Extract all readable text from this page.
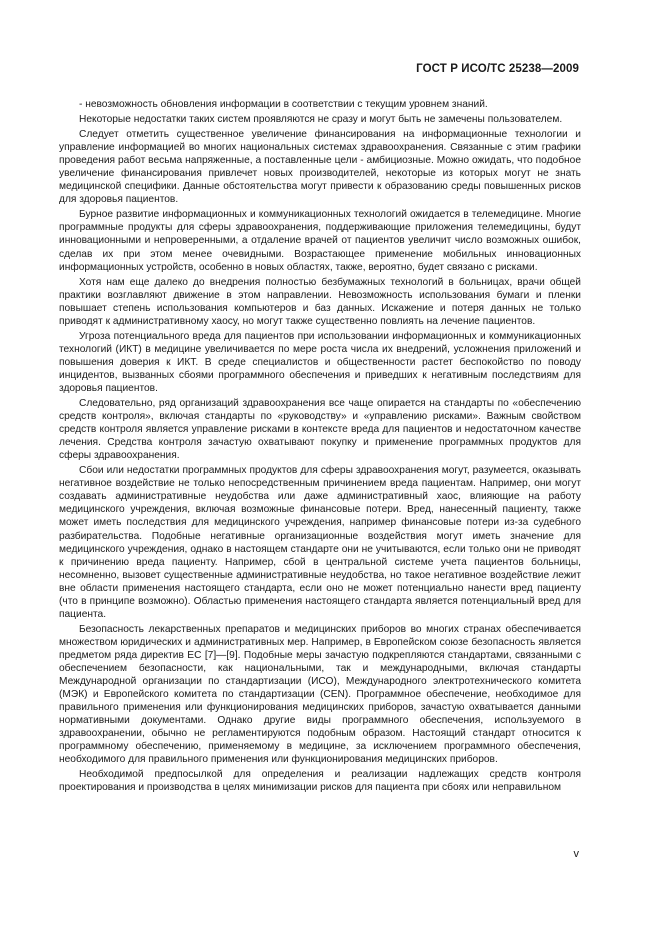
ГОСТ Р ИСО/ТС 25238—2009

- невозможность обновления информации в соответствии с текущим уровнем знаний.

Некоторые недостатки таких систем проявляются не сразу и могут быть не замечены пользователем.

Следует отметить существенное увеличение финансирования на информационные технологии и управление информацией во многих национальных системах здравоохранения. Связанные с этим графики проведения работ весьма напряженные, а поставленные цели - амбициозные. Можно ожидать, что подобное увеличение финансирования привлечет новых производителей, некоторые из которых могут не знать медицинской специфики. Данные обстоятельства могут привести к образованию среды повышенных рисков для здоровья пациентов.

Бурное развитие информационных и коммуникационных технологий ожидается в телемедицине. Многие программные продукты для сферы здравоохранения, поддерживающие приложения телемедицины, будут инновационными и непроверенными, а отдаление врачей от пациентов увеличит число возможных ошибок, сделав их при этом менее очевидными. Возрастающее применение мобильных инновационных информационных устройств, особенно в новых областях, также, вероятно, будет связано с рисками.

Хотя нам еще далеко до внедрения полностью безбумажных технологий в больницах, врачи общей практики возглавляют движение в этом направлении. Невозможность использования бумаги и пленки повышает степень использования компьютеров и баз данных. Искажение и потеря данных не только приводят к административному хаосу, но могут также существенно повлиять на лечение пациентов.

Угроза потенциального вреда для пациентов при использовании информационных и коммуникационных технологий (ИКТ) в медицине увеличивается по мере роста числа их внедрений, усложнения приложений и повышения доверия к ИКТ. В среде специалистов и общественности растет беспокойство по поводу инцидентов, вызванных сбоями программного обеспечения и приведших к негативным последствиям для здоровья пациентов.

Следовательно, ряд организаций здравоохранения все чаще опирается на стандарты по «обеспечению средств контроля», включая стандарты по «руководству» и «управлению рисками». Важным свойством средств контроля является управление рисками в контексте вреда для пациентов и недостаточном качестве лечения. Средства контроля зачастую охватывают покупку и применение программных продуктов для сферы здравоохранения.

Сбои или недостатки программных продуктов для сферы здравоохранения могут, разумеется, оказывать негативное воздействие не только непосредственным причинением вреда пациентам. Например, они могут создавать административные неудобства или даже административный хаос, влияющие на работу медицинского учреждения, включая возможные финансовые потери. Вред, нанесенный пациенту, также может иметь последствия для медицинского учреждения, например финансовые потери из-за судебного разбирательства. Подобные негативные организационные воздействия могут иметь значение для медицинского учреждения, однако в настоящем стандарте они не учитываются, если только они не приводят к причинению вреда пациенту. Например, сбой в центральной системе учета пациентов больницы, несомненно, вызовет существенные административные неудобства, но такое негативное воздействие лежит вне области применения настоящего стандарта, если оно не может потенциально нанести вред пациенту (что в принципе возможно). Областью применения настоящего стандарта является потенциальный вред для пациента.

Безопасность лекарственных препаратов и медицинских приборов во многих странах обеспечивается множеством юридических и административных мер. Например, в Европейском союзе безопасность является предметом ряда директив ЕС [7]—[9]. Подобные меры зачастую подкрепляются стандартами, связанными с обеспечением безопасности, как национальными, так и международными, включая стандарты Международной организации по стандартизации (ИСО), Международного электротехнического комитета (МЭК) и Европейского комитета по стандартизации (CEN). Программное обеспечение, необходимое для правильного применения или функционирования медицинских приборов, зачастую охватывается данными нормативными документами. Однако другие виды программного обеспечения, используемого в здравоохранении, обычно не регламентируются подобным образом. Настоящий стандарт относится к программному обеспечению, применяемому в медицине, за исключением программного обеспечения, необходимого для правильного применения или функционирования медицинских приборов.

Необходимой предпосылкой для определения и реализации надлежащих средств контроля проектирования и производства в целях минимизации рисков для пациента при сбоях или неправильном

v
